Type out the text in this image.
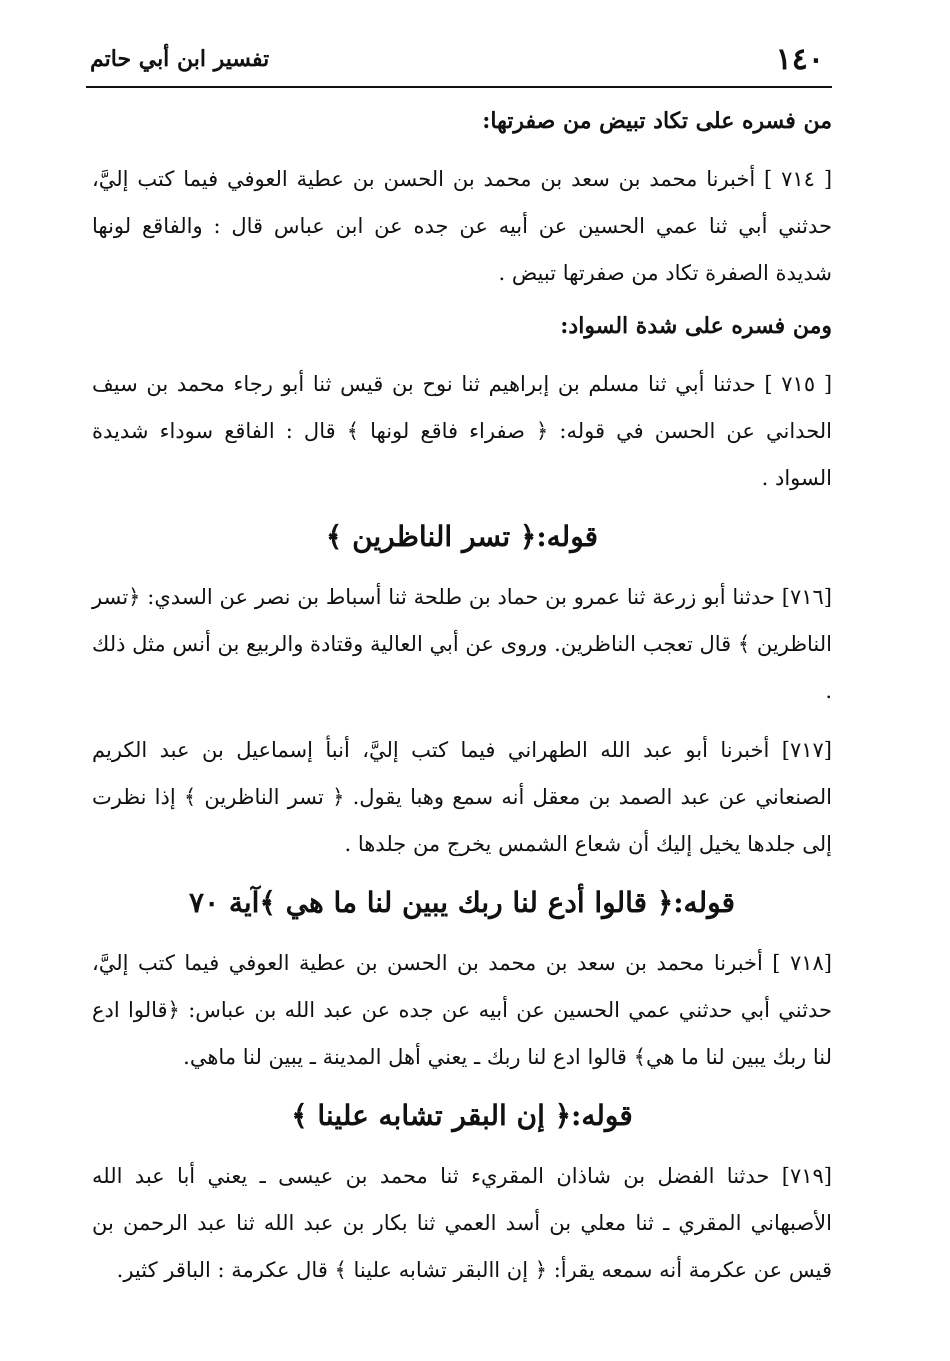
١٤٠
تفسير ابن أبي حاتم
من فسره على تكاد تبيض من صفرتها:

[ ٧١٤ ] أخبرنا محمد بن سعد بن محمد بن الحسن بن عطية العوفي فيما كتب إليَّ، حدثني أبي ثنا عمي الحسين عن أبيه عن جده عن ابن عباس قال : والفاقع لونها شديدة الصفرة تكاد من صفرتها تبيض .

ومن فسره على شدة السواد:

[ ٧١٥ ] حدثنا أبي ثنا مسلم بن إبراهيم ثنا نوح بن قيس ثنا أبو رجاء محمد بن سيف الحداني عن الحسن في قوله: ﴿ صفراء فاقع لونها ﴾ قال : الفاقع سوداء شديدة السواد .

قوله:﴿ تسر الناظرين ﴾

[٧١٦] حدثنا أبو زرعة ثنا عمرو بن حماد بن طلحة ثنا أسباط بن نصر عن السدي: ﴿تسر الناظرين ﴾ قال تعجب الناظرين. وروى عن أبي العالية وقتادة والربيع بن أنس مثل ذلك .

[٧١٧] أخبرنا أبو عبد الله الطهراني فيما كتب إليَّ، أنبأ إسماعيل بن عبد الكريم الصنعاني عن عبد الصمد بن معقل أنه سمع وهبا يقول. ﴿ تسر الناظرين ﴾ إذا نظرت إلى جلدها يخيل إليك أن شعاع الشمس يخرج من جلدها .

قوله:﴿ قالوا أدع لنا ربك يبين لنا ما هي ﴾آية ٧٠

[٧١٨ ] أخبرنا محمد بن سعد بن محمد بن الحسن بن عطية العوفي فيما كتب إليَّ، حدثني أبي حدثني عمي الحسين عن أبيه عن جده عن عبد الله بن عباس: ﴿قالوا ادع لنا ربك يبين لنا ما هي﴾ قالوا ادع لنا ربك ـ يعني أهل المدينة ـ يبين لنا ماهي.

قوله:﴿ إن البقر تشابه علينا ﴾

[٧١٩] حدثنا الفضل بن شاذان المقريء ثنا محمد بن عيسى ـ يعني أبا عبد الله الأصبهاني المقري ـ ثنا معلي بن أسد العمي ثنا بكار بن عبد الله ثنا عبد الرحمن بن قيس عن عكرمة أنه سمعه يقرأ: ﴿ إن االبقر تشابه علينا ﴾ قال عكرمة : الباقر كثير.
